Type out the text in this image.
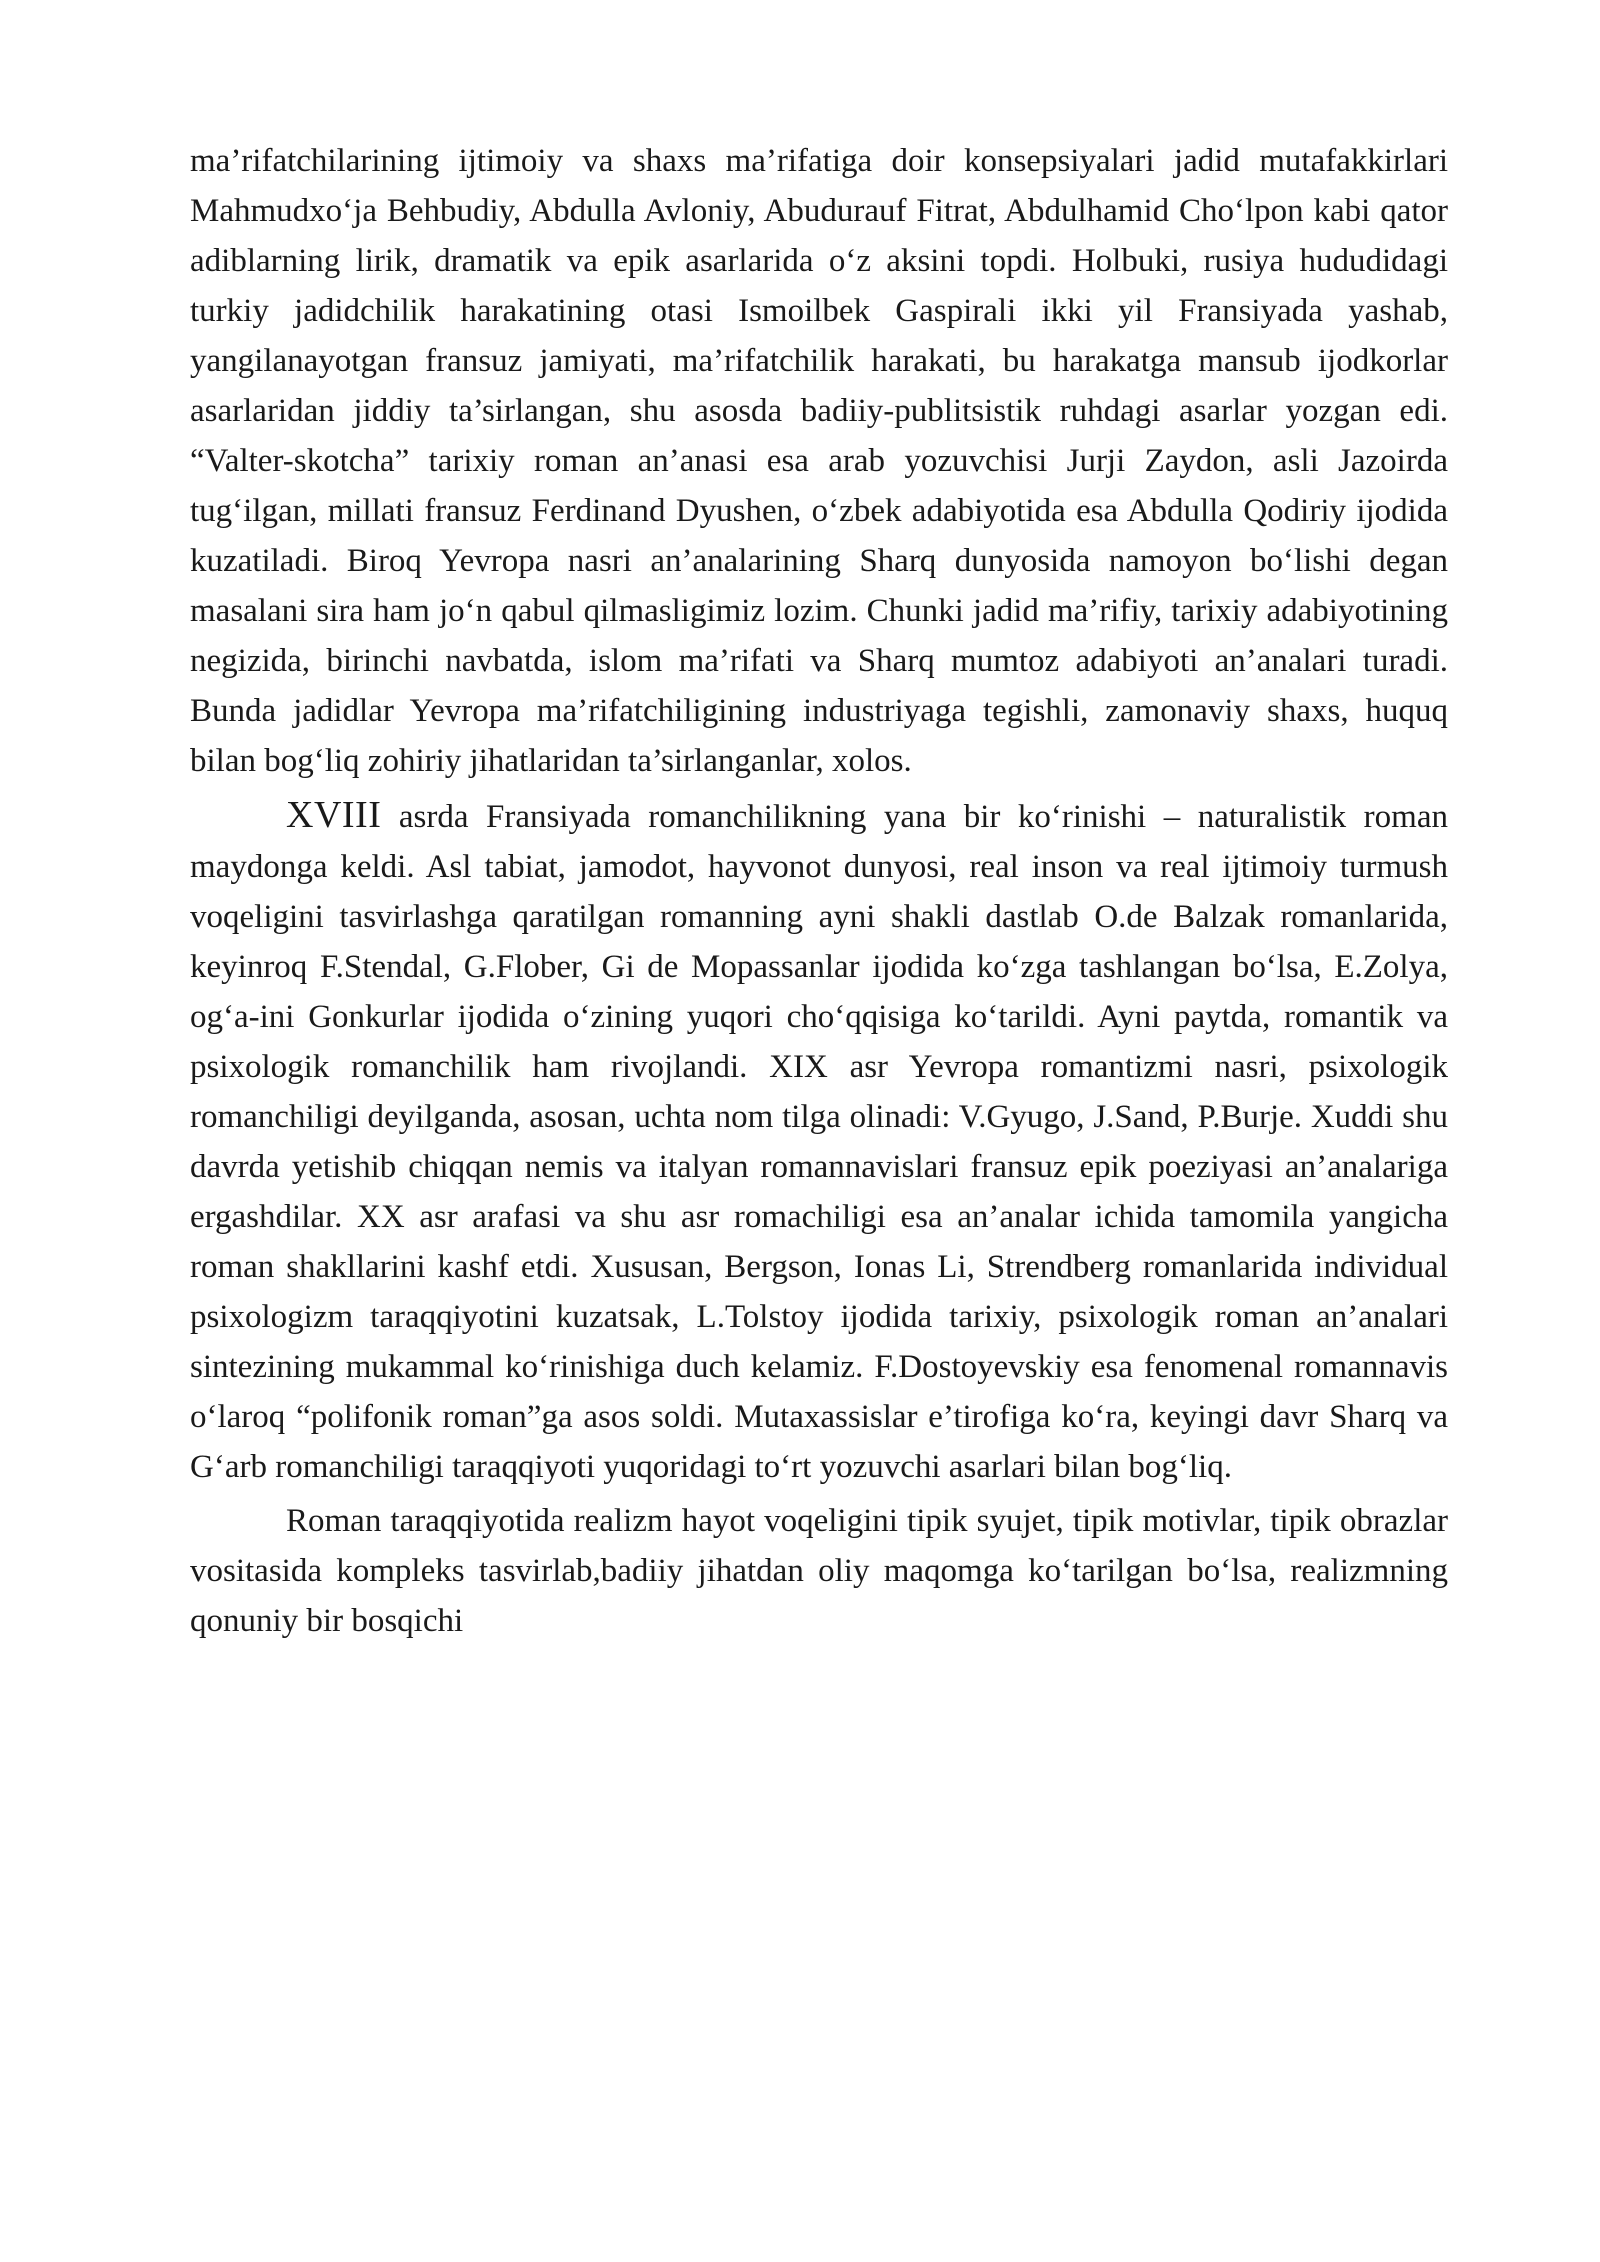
ma’rifatchilarining ijtimoiy va shaxs ma’rifatiga doir konsepsiyalari jadid mutafakkirlari Mahmudxo‘ja Behbudiy, Abdulla Avloniy, Abudurauf Fitrat, Abdulhamid Cho‘lpon kabi qator adiblarning lirik, dramatik va epik asarlarida o‘z aksini topdi. Holbuki, rusiya hududidagi turkiy jadidchilik harakatining otasi Ismoilbek Gaspirali ikki yil Fransiyada yashab, yangilanayotgan fransuz jamiyati, ma’rifatchilik harakati, bu harakatga mansub ijodkorlar asarlaridan jiddiy ta’sirlangan, shu asosda badiiy-publitsistik ruhdagi asarlar yozgan edi. “Valter-skotcha” tarixiy roman an’anasi esa arab yozuvchisi Jurji Zaydon, asli Jazoirda tug‘ilgan, millati fransuz Ferdinand Dyushen, o‘zbek adabiyotida esa Abdulla Qodiriy ijodida kuzatiladi. Biroq Yevropa nasri an’analarining Sharq dunyosida namoyon bo‘lishi degan masalani sira ham jo‘n qabul qilmasligimiz lozim. Chunki jadid ma’rifiy, tarixiy adabiyotining negizida, birinchi navbatda, islom ma’rifati va Sharq mumtoz adabiyoti an’analari turadi. Bunda jadidlar Yevropa ma’rifatchiligining industriyaga tegishli, zamonaviy shaxs, huquq bilan bog‘liq zohiriy jihatlaridan ta’sirlanganlar, xolos.

XVIII asrda Fransiyada romanchilikning yana bir ko‘rinishi – naturalistik roman maydonga keldi. Asl tabiat, jamodot, hayvonot dunyosi, real inson va real ijtimoiy turmush voqeligini tasvirlashga qaratilgan romanning ayni shakli dastlab O.de Balzak romanlarida, keyinroq F.Stendal, G.Flober, Gi de Mopassanlar ijodida ko‘zga tashlangan bo‘lsa, E.Zolya, og‘a-ini Gonkurlar ijodida o‘zining yuqori cho‘qqisiga ko‘tarildi. Ayni paytda, romantik va psixologik romanchilik ham rivojlandi. XIX asr Yevropa romantizmi nasri, psixologik romanchiligi deyilganda, asosan, uchta nom tilga olinadi: V.Gyugo, J.Sand, P.Burje. Xuddi shu davrda yetishib chiqqan nemis va italyan romannavislari fransuz epik poeziyasi an’analariga ergashdilar. XX asr arafasi va shu asr romachiligi esa an’analar ichida tamomila yangicha roman shakllarini kashf etdi. Xususan, Bergson, Ionas Li, Strendberg romanlarida individual psixologizm taraqqiyotini kuzatsak, L.Tolstoy ijodida tarixiy, psixologik roman an’analari sintezining mukammal ko‘rinishiga duch kelamiz. F.Dostoyevskiy esa fenomenal romannavis o‘laroq “polifonik roman”ga asos soldi. Mutaxassislar e’tirofiga ko‘ra, keyingi davr Sharq va G‘arb romanchiligi taraqqiyoti yuqoridagi to‘rt yozuvchi asarlari bilan bog‘liq.

Roman taraqqiyotida realizm hayot voqeligini tipik syujet, tipik motivlar, tipik obrazlar vositasida kompleks tasvirlab,badiiy jihatdan oliy maqomga ko‘tarilgan bo‘lsa, realizmning qonuniy bir bosqichi
